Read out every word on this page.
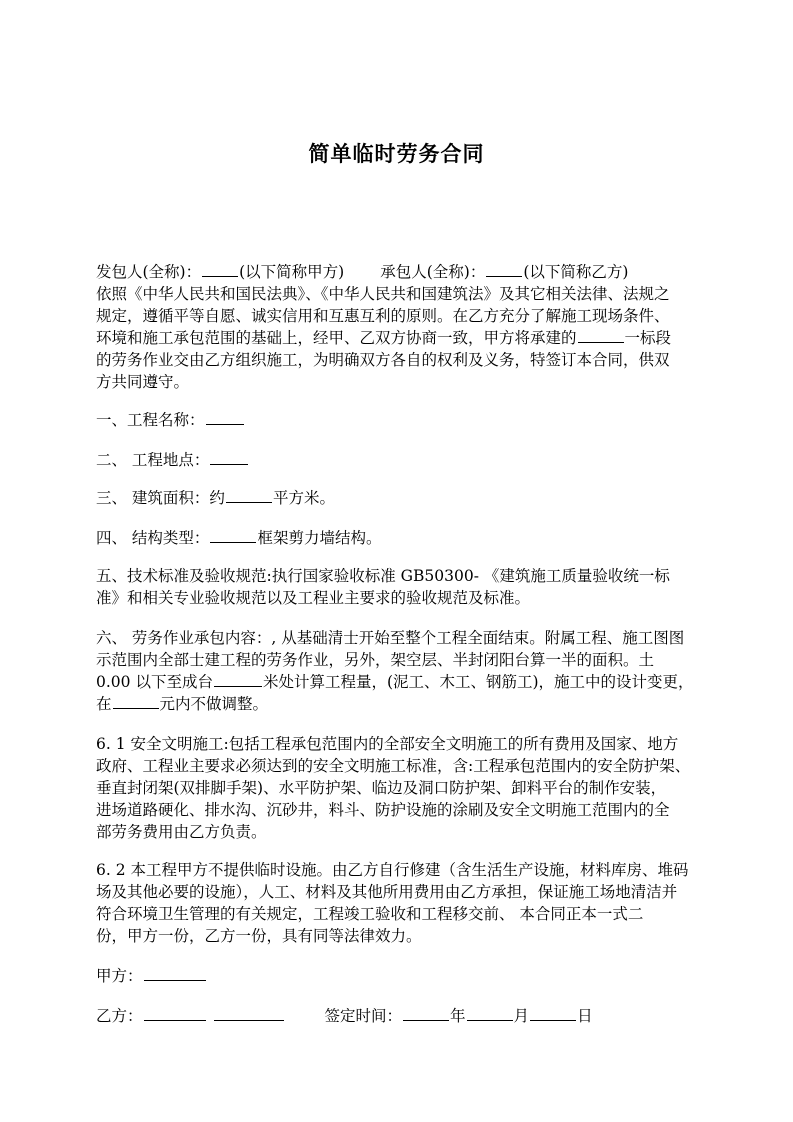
简单临时劳务合同
发包人(全称)： (以下简称甲方) 承包人(全称)： (以下简称乙方)
依照《中华人民共和国民法典》、《中华人民共和国建筑法》及其它相关法律、法规之
规定，遵循平等自愿、诚实信用和互惠互利的原则。在乙方充分了解施工现场条件、
环境和施工承包范围的基础上，经甲、乙双方协商一致，甲方将承建的	一标段
的劳务作业交由乙方组织施工，为明确双方各自的权利及义务，特签订本合同，供双
方共同遵守。
一、工程名称：
二、 工程地点：
三、 建筑面积：约	平方米。
四、 结构类型：	框架剪力墙结构。
五、技术标准及验收规范:执行国家验收标准 GB50300- 《建筑施工质量验收统一标
准》和相关专业验收规范以及工程业主要求的验收规范及标准。
六、 劳务作业承包内容：, 从基础清士开始至整个工程全面结束。附属工程、施工图图
示范围内全部士建工程的劳务作业，另外，架空层、半封闭阳台算一半的面积。土
0.00 以下至成台	米处计算工程量，(泥工、木工、钢筋工)，施工中的设计变更，
在	元内不做调整。
6. 1 安全文明施工:包括工程承包范围内的全部安全文明施工的所有费用及国家、地方
政府、工程业主要求必须达到的安全文明施工标准，含:工程承包范围内的安全防护架、
垂直封闭架(双排脚手架)、水平防护架、临边及洞口防护架、卸料平台的制作安装，
进场道路硬化、排水沟、沉砂井，料斗、防护设施的涂刷及安全文明施工范围内的全
部劳务费用由乙方负责。
6. 2 本工程甲方不提供临时设施。由乙方自行修建（含生活生产设施，材料库房、堆码
场及其他必要的设施），人工、材料及其他所用费用由乙方承担，保证施工场地清洁并
符合环境卫生管理的有关规定，工程竣工验收和工程移交前、 本合同正本一式二
份，甲方一份，乙方一份，具有同等法律效力。
甲方：
乙方：	签定时间：	年	月	日
